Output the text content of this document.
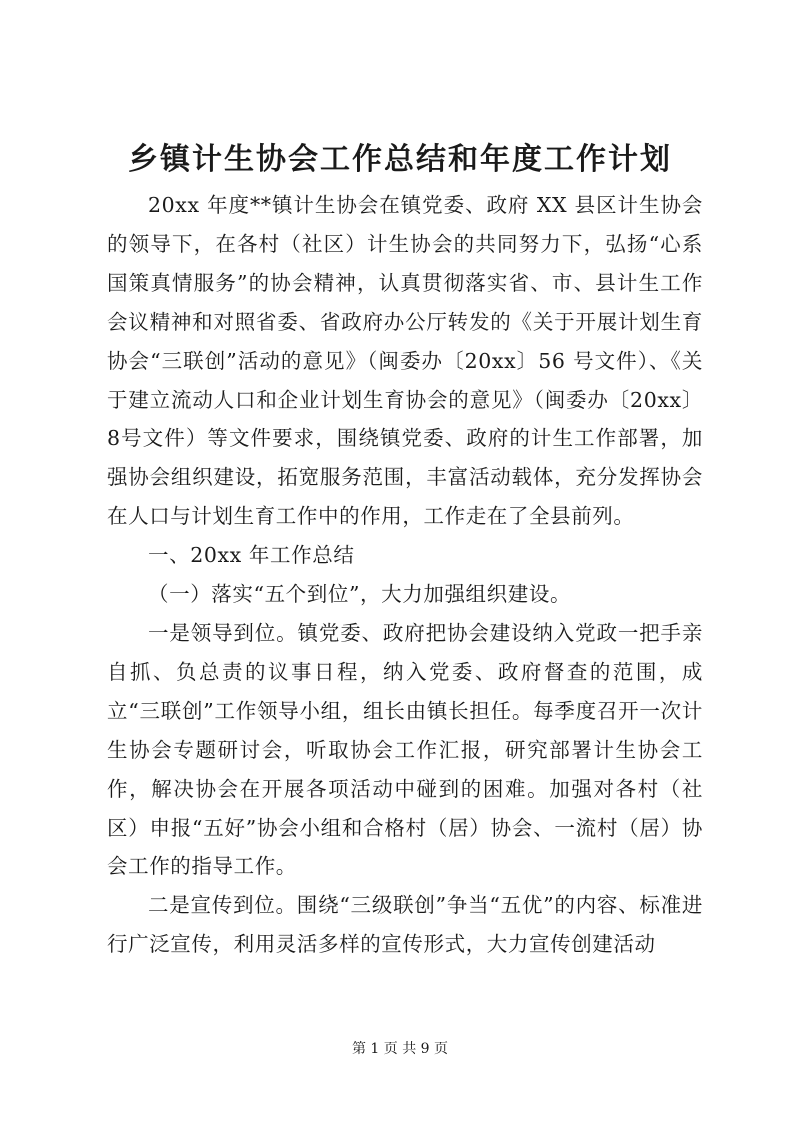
乡镇计生协会工作总结和年度工作计划

20xx 年度**镇计生协会在镇党委、政府 XX 县区计生协会的领导下，在各村（社区）计生协会的共同努力下，弘扬“心系国策真情服务”的协会精神，认真贯彻落实省、市、县计生工作会议精神和对照省委、省政府办公厅转发的《关于开展计划生育协会“三联创”活动的意见》（闽委办〔20xx〕56 号文件）、《关于建立流动人口和企业计划生育协会的意见》（闽委办〔20xx〕8号文件）等文件要求，围绕镇党委、政府的计生工作部署，加强协会组织建设，拓宽服务范围，丰富活动载体，充分发挥协会在人口与计划生育工作中的作用，工作走在了全县前列。

一、20xx 年工作总结

（一）落实“五个到位”，大力加强组织建设。

一是领导到位。镇党委、政府把协会建设纳入党政一把手亲自抓、负总责的议事日程，纳入党委、政府督查的范围，成立“三联创”工作领导小组，组长由镇长担任。每季度召开一次计生协会专题研讨会，听取协会工作汇报，研究部署计生协会工作，解决协会在开展各项活动中碰到的困难。加强对各村（社区）申报“五好”协会小组和合格村（居）协会、一流村（居）协会工作的指导工作。

二是宣传到位。围绕“三级联创”争当“五优”的内容、标准进行广泛宣传，利用灵活多样的宣传形式，大力宣传创建活动

第 1 页 共 9 页
